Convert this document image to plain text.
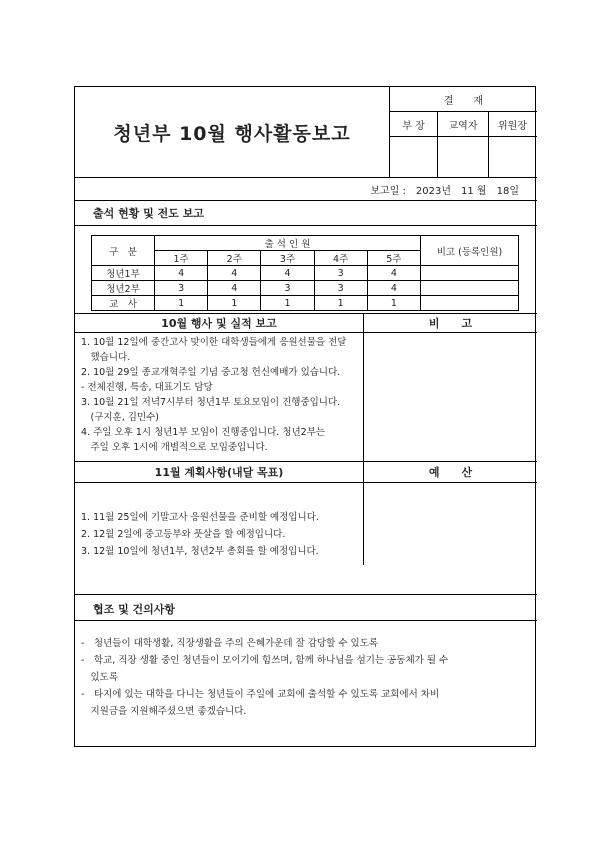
청년부 10월 행사활동보고
결　　재
부 장	교역자	위원장
보고일 : 2023년 11 월 18일
출석 현황 및 전도 보고
구　분	출 석 인 원					비고 (등록인원)
	1주	2주	3주	4주	5주	
청년1부	4	4	4	3	4	
청년2부	3	4	3	3	4	
교　사	1	1	1	1	1	
10월 행사 및 실적 보고	비　　고
1. 10월 12일에 중간고사 맞이한 대학생들에게 응원선물을 전달
　했습니다.
2. 10월 29일 종교개혁주일 기념 중고청 헌신예배가 있습니다.
- 전체진행, 특송, 대표기도 담당
3. 10월 21일 저녁7시부터 청년1부 토요모임이 진행중입니다.
　(구지훈, 김민수)
4. 주일 오후 1시 청년1부 모임이 진행중입니다. 청년2부는
　주일 오후 1시에 개별적으로 모임중입니다.
11월 계획사항(내달 목표)	예　　산
1. 11월 25일에 기말고사 응원선물을 준비할 예정입니다.
2. 12월 2일에 중고등부와 풋살을 할 예정입니다.
3. 12월 10일에 청년1부, 청년2부 총회를 할 예정입니다.
협조 및 건의사항
-　청년들이 대학생활, 직장생활을 주의 은혜가운데 잘 감당할 수 있도록
-　학교, 직장 생활 중인 청년들이 모이기에 힘쓰며, 함께 하나님을 섬기는 공동체가 될 수
　있도록
-　타지에 있는 대학을 다니는 청년들이 주일에 교회에 출석할 수 있도록 교회에서 차비
　지원금을 지원해주셨으면 좋겠습니다.
